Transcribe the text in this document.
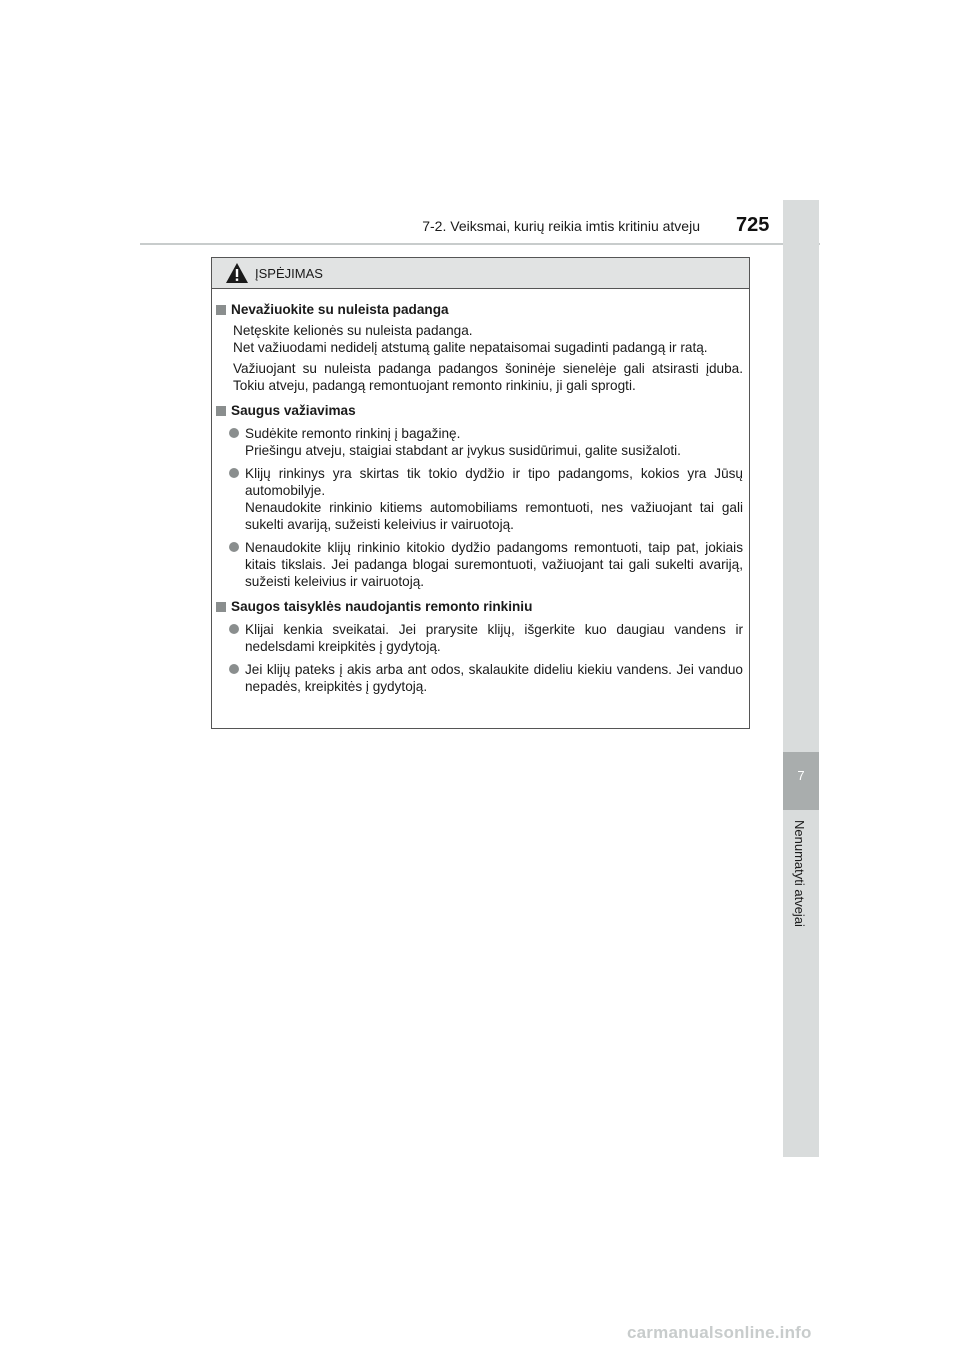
7-2. Veiksmai, kurių reikia imtis kritiniu atveju 725
7
Nenumatyti atvejai
ĮSPĖJIMAS
Nevažiuokite su nuleista padanga
Netęskite kelionės su nuleista padanga.
Net važiuodami nedidelį atstumą galite nepataisomai sugadinti padangą ir ratą.
Važiuojant su nuleista padanga padangos šoninėje sienelėje gali atsirasti įduba. Tokiu atveju, padangą remontuojant remonto rinkiniu, ji gali sprogti.
Saugus važiavimas
Sudėkite remonto rinkinį į bagažinę.
Priešingu atveju, staigiai stabdant ar įvykus susidūrimui, galite susižaloti.
Klijų rinkinys yra skirtas tik tokio dydžio ir tipo padangoms, kokios yra Jūsų automobilyje.
Nenaudokite rinkinio kitiems automobiliams remontuoti, nes važiuojant tai gali sukelti avariją, sužeisti keleivius ir vairuotoją.
Nenaudokite klijų rinkinio kitokio dydžio padangoms remontuoti, taip pat, jokiais kitais tikslais. Jei padanga blogai suremontuoti, važiuojant tai gali sukelti avariją, sužeisti keleivius ir vairuotoją.
Saugos taisyklės naudojantis remonto rinkiniu
Klijai kenkia sveikatai. Jei prarysite klijų, išgerkite kuo daugiau vandens ir nedelsdami kreipkitės į gydytoją.
Jei klijų pateks į akis arba ant odos, skalaukite dideliu kiekiu vandens. Jei vanduo nepadės, kreipkitės į gydytoją.
carmanualsonline.info
